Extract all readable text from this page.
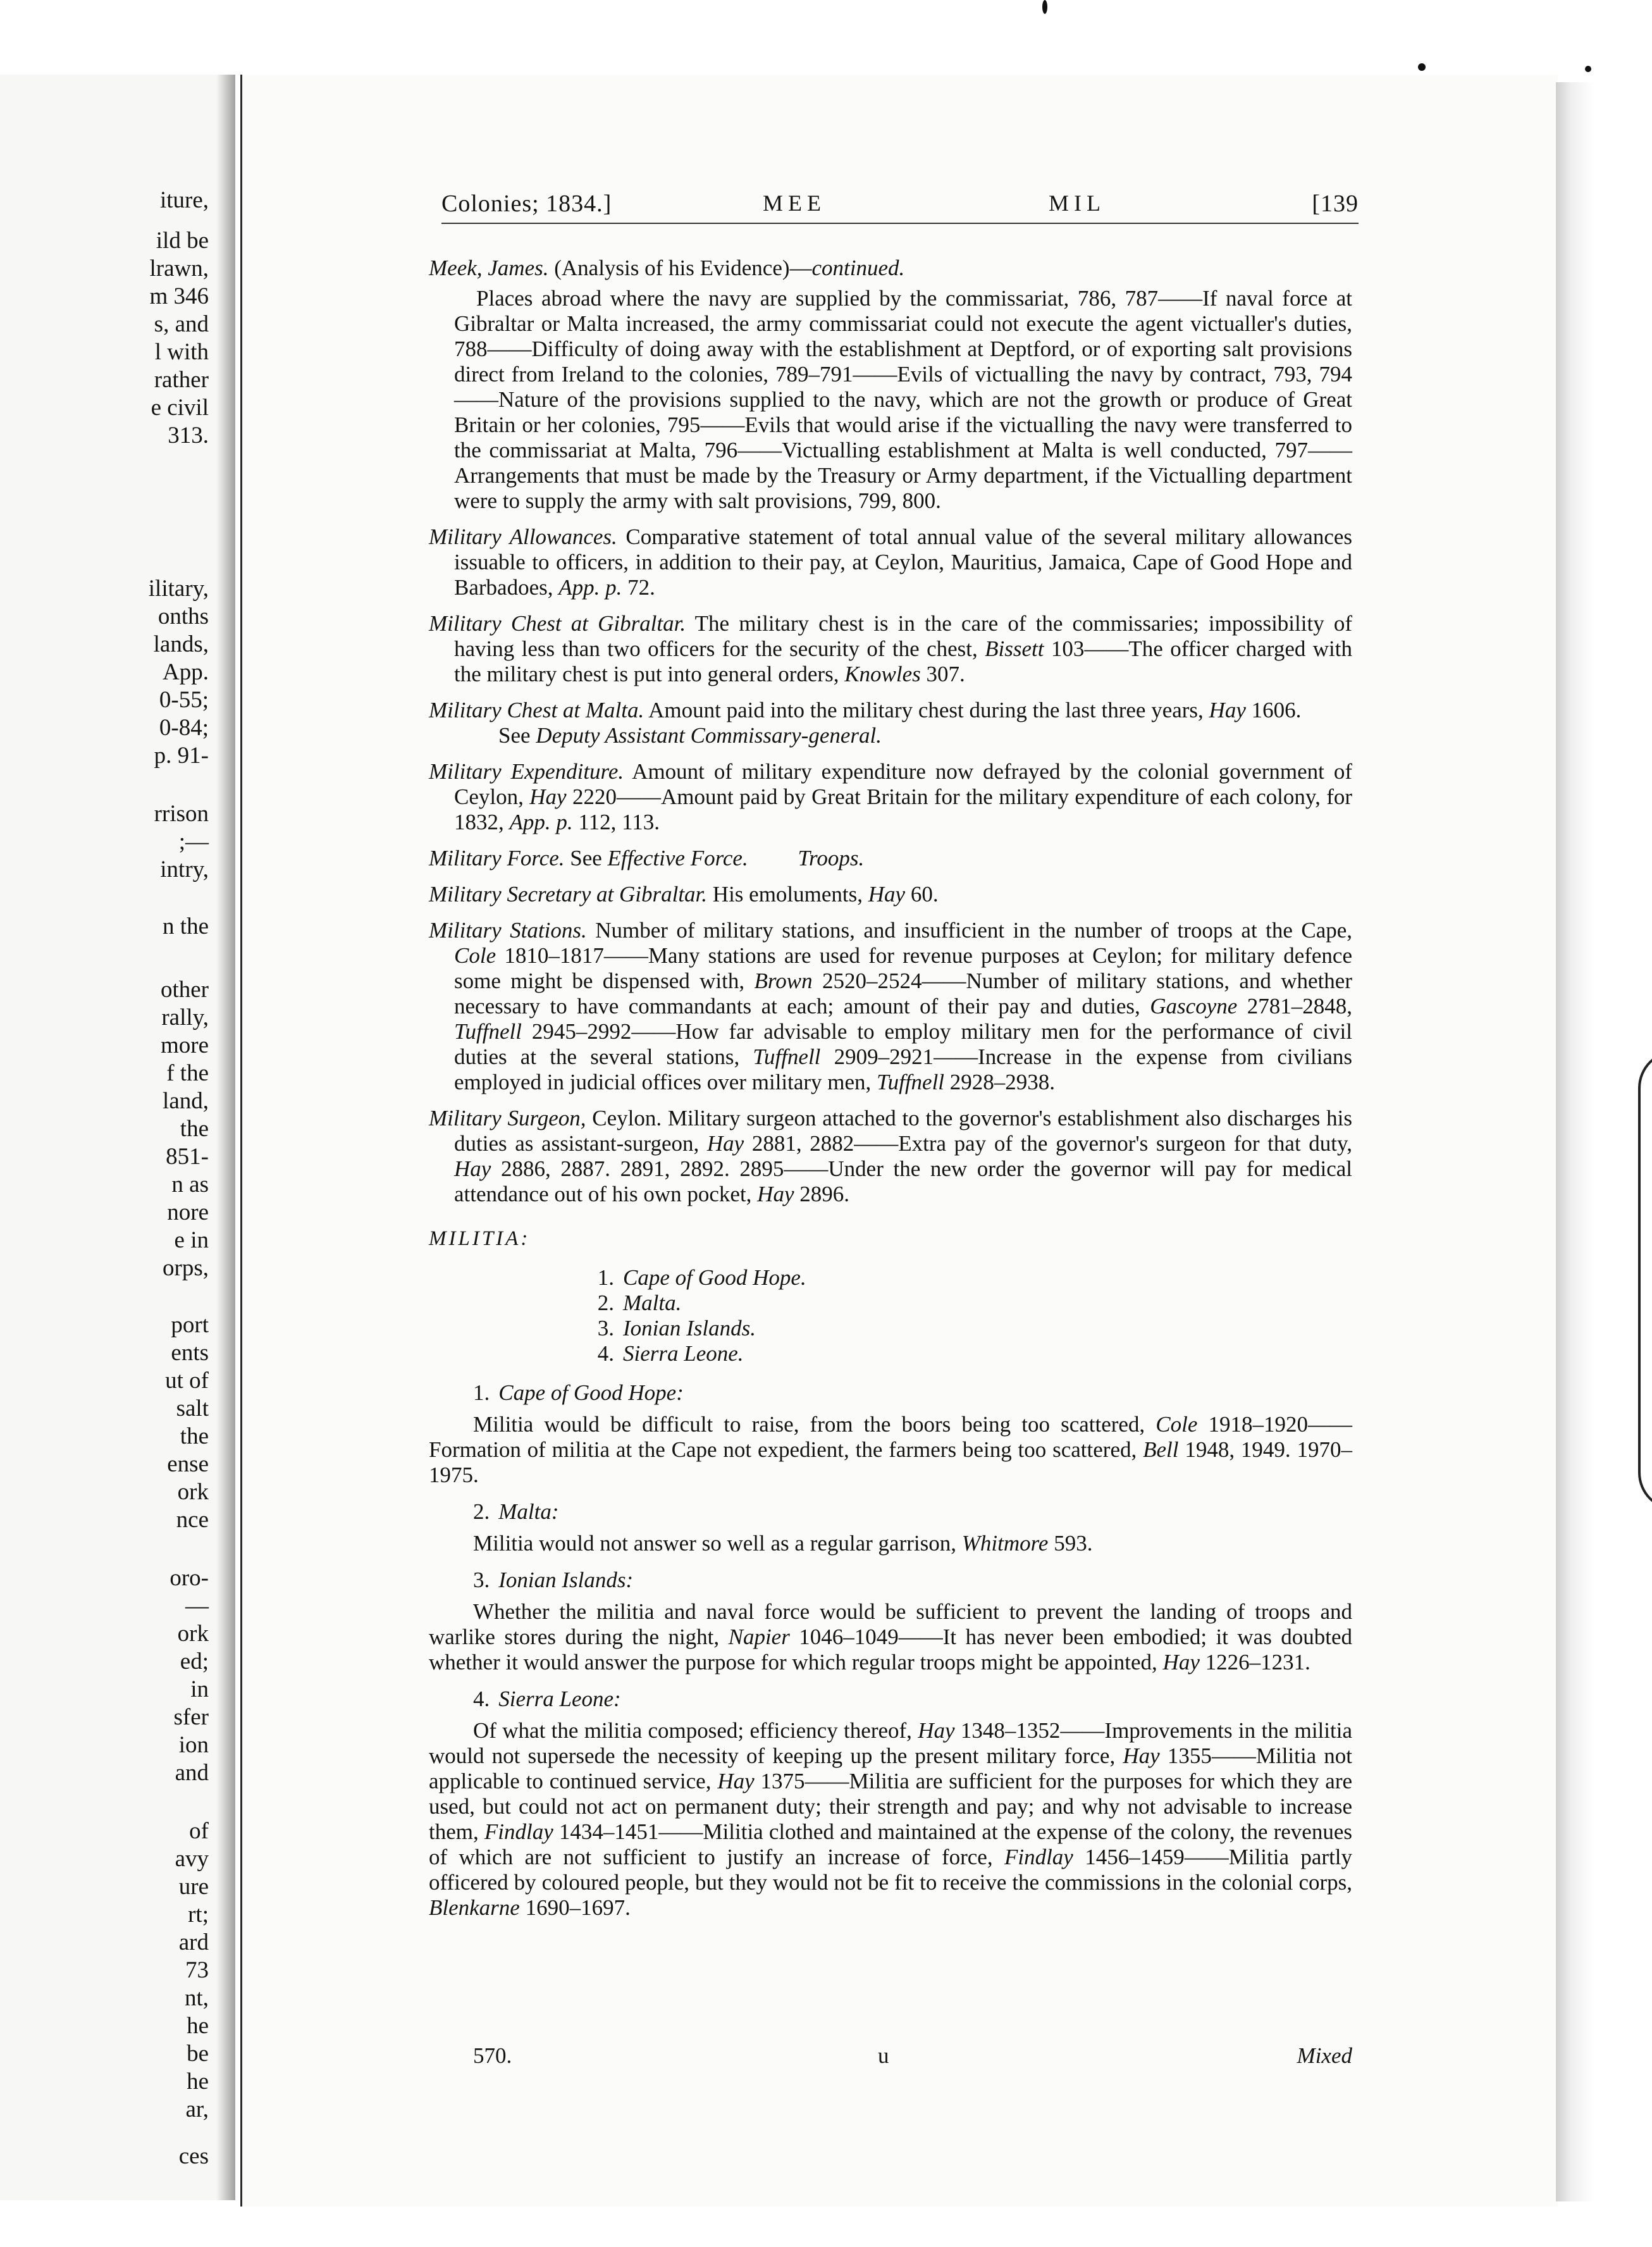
iture,
ild be
lrawn,
m 346
s, and
l with
rather
e civil
313.
ilitary,
onths
lands,
App.
0-55;
0-84;
p. 91-
rrison
;—
intry,
n the
other
rally,
more
f the
land,
the
851-
n as
nore
e in
orps,
port
ents
ut of
salt
the
ense
ork
nce
oro-
—
ork
ed;
in
sfer
ion
and
of
avy
ure
rt;
ard
73
nt,
he
be
he
ar,
ces
Colonies; 1834.]	MEE	MIL	[139
Meek, James. (Analysis of his Evidence)—continued.
 Places abroad where the navy are supplied by the commissariat, 786, 787——If naval force at Gibraltar or Malta increased, the army commissariat could not execute the agent victualler's duties, 788——Difficulty of doing away with the establishment at Deptford, or of exporting salt provisions direct from Ireland to the colonies, 789–791——Evils of victualling the navy by contract, 793, 794——Nature of the provisions supplied to the navy, which are not the growth or produce of Great Britain or her colonies, 795——Evils that would arise if the victualling the navy were transferred to the commissariat at Malta, 796——Victualling establishment at Malta is well conducted, 797——Arrangements that must be made by the Treasury or Army department, if the Victualling department were to supply the army with salt provisions, 799, 800.
Military Allowances. Comparative statement of total annual value of the several military allowances issuable to officers, in addition to their pay, at Ceylon, Mauritius, Jamaica, Cape of Good Hope and Barbadoes, App. p. 72.
Military Chest at Gibraltar. The military chest is in the care of the commissaries; impossibility of having less than two officers for the security of the chest, Bissett 103——The officer charged with the military chest is put into general orders, Knowles 307.
Military Chest at Malta. Amount paid into the military chest during the last three years, Hay 1606.
See Deputy Assistant Commissary-general.
Military Expenditure. Amount of military expenditure now defrayed by the colonial government of Ceylon, Hay 2220——Amount paid by Great Britain for the military expenditure of each colony, for 1832, App. p. 112, 113.
Military Force. See Effective Force.   Troops.
Military Secretary at Gibraltar. His emoluments, Hay 60.
Military Stations. Number of military stations, and insufficient in the number of troops at the Cape, Cole 1810–1817——Many stations are used for revenue purposes at Ceylon; for military defence some might be dispensed with, Brown 2520–2524——Number of military stations, and whether necessary to have commandants at each; amount of their pay and duties, Gascoyne 2781–2848, Tuffnell 2945–2992——How far advisable to employ military men for the performance of civil duties at the several stations, Tuffnell 2909–2921——Increase in the expense from civilians employed in judicial offices over military men, Tuffnell 2928–2938.
Military Surgeon, Ceylon. Military surgeon attached to the governor's establishment also discharges his duties as assistant-surgeon, Hay 2881, 2882——Extra pay of the governor's surgeon for that duty, Hay 2886, 2887. 2891, 2892. 2895——Under the new order the governor will pay for medical attendance out of his own pocket, Hay 2896.
MILITIA:
1. Cape of Good Hope.
2. Malta.
3. Ionian Islands.
4. Sierra Leone.
1. Cape of Good Hope:
Militia would be difficult to raise, from the boors being too scattered, Cole 1918–1920——Formation of militia at the Cape not expedient, the farmers being too scattered, Bell 1948, 1949. 1970–1975.
2. Malta:
Militia would not answer so well as a regular garrison, Whitmore 593.
3. Ionian Islands:
Whether the militia and naval force would be sufficient to prevent the landing of troops and warlike stores during the night, Napier 1046–1049——It has never been embodied; it was doubted whether it would answer the purpose for which regular troops might be appointed, Hay 1226–1231.
4. Sierra Leone:
Of what the militia composed; efficiency thereof, Hay 1348–1352——Improvements in the militia would not supersede the necessity of keeping up the present military force, Hay 1355——Militia not applicable to continued service, Hay 1375——Militia are sufficient for the purposes for which they are used, but could not act on permanent duty; their strength and pay; and why not advisable to increase them, Findlay 1434–1451——Militia clothed and maintained at the expense of the colony, the revenues of which are not sufficient to justify an increase of force, Findlay 1456–1459——Militia partly officered by coloured people, but they would not be fit to receive the commissions in the colonial corps, Blenkarne 1690–1697.
570.	u	Mixed
